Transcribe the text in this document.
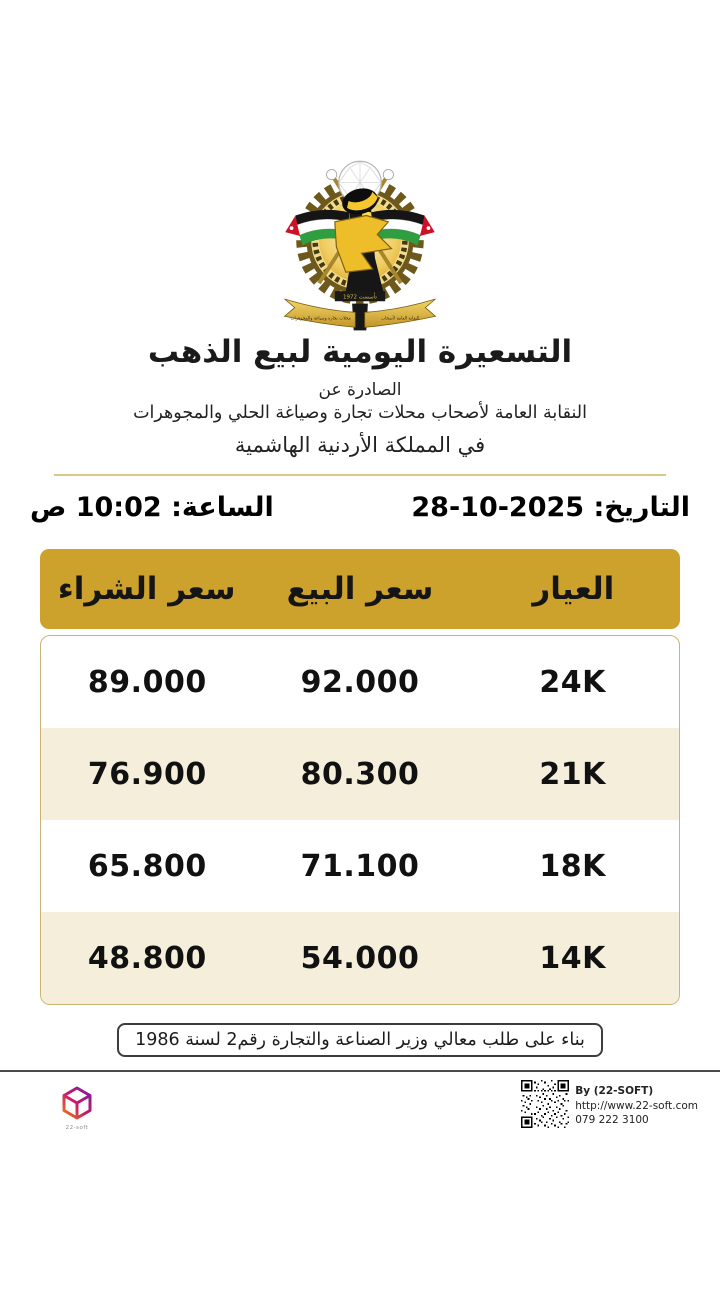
تأسست 1972
محلات تجارة وصياغة والمجوهرات	النقابة العامة لأصحاب
التسعيرة اليومية لبيع الذهب
الصادرة عن
النقابة العامة لأصحاب محلات تجارة وصياغة الحلي والمجوهرات
في المملكة الأردنية الهاشمية
التاريخ: 28-10-2025
الساعة: 10:02 ص
العيار
سعر البيع
سعر الشراء
24K
92.000
89.000
21K
80.300
76.900
18K
71.100
65.800
14K
54.000
48.800
بناء على طلب معالي وزير الصناعة والتجارة رقم2 لسنة 1986
22-soft
By (22-SOFT)
http://www.22-soft.com
079 222 3100
